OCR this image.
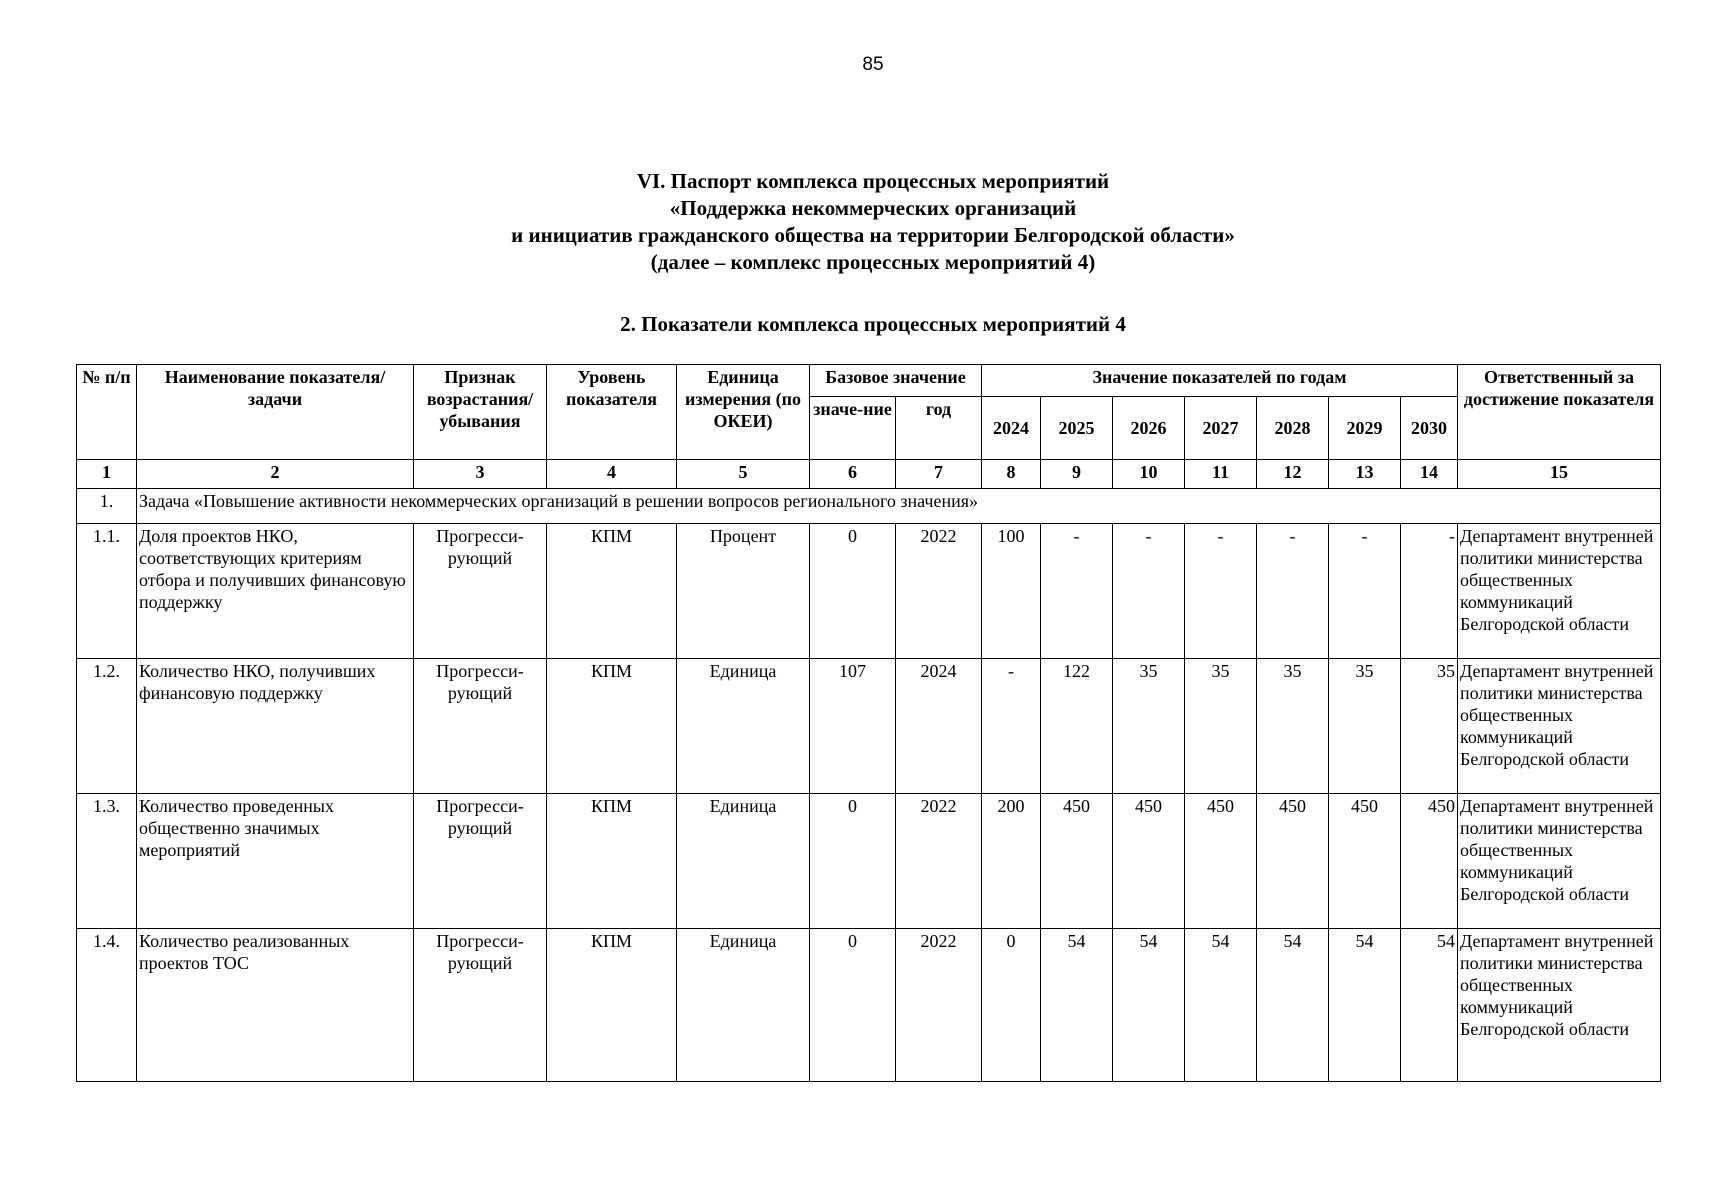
85
VI. Паспорт комплекса процессных мероприятий
«Поддержка некоммерческих организаций
и инициатив гражданского общества на территории Белгородской области»
(далее – комплекс процессных мероприятий 4)
2. Показатели комплекса процессных мероприятий 4
№ п/п	Наименование показателя/задачи	Признак возрастания/ убывания	Уровень показателя	Единица измерения (по ОКЕИ)	Базовое значение		Значение показателей по годам							Ответственный за достижение показателя
					значе-ние	год	2024	2025	2026	2027	2028	2029	2030	
1	2	3	4	5	6	7	8	9	10	11	12	13	14	15
1.	Задача «Повышение активности некоммерческих организаций в решении вопросов регионального значения»													
1.1.	Доля проектов НКО, соответствующих критериям отбора и получивших финансовую поддержку	Прогресси-рующий	КПМ	Процент	0	2022	100	-	-	-	-	-	-	Департамент внутренней политики министерства общественных коммуникаций Белгородской области
1.2.	Количество НКО, получивших финансовую поддержку	Прогресси-рующий	КПМ	Единица	107	2024	-	122	35	35	35	35	35	Департамент внутренней политики министерства общественных коммуникаций Белгородской области
1.3.	Количество проведенных общественно значимых мероприятий	Прогресси-рующий	КПМ	Единица	0	2022	200	450	450	450	450	450	450	Департамент внутренней политики министерства общественных коммуникаций Белгородской области
1.4.	Количество реализованных проектов ТОС	Прогресси-рующий	КПМ	Единица	0	2022	0	54	54	54	54	54	54	Департамент внутренней политики министерства общественных коммуникаций Белгородской области
